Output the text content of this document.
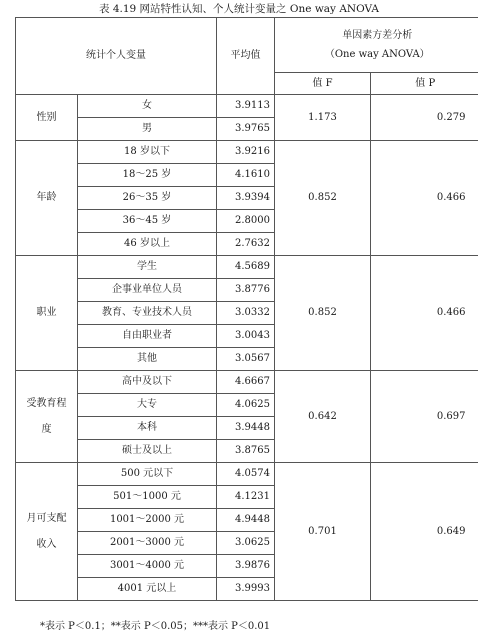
表 4.19 网站特性认知、个人统计变量之 One way ANOVA
统计个人变量		平均值	单因素方差分析
（One way ANOVA）	

			值 F	值 P
性别	女	3.9113	1.173	0.279
	男	3.9765		
年龄	18 岁以下	3.9216	0.852	0.466
	18～25 岁	4.1610		
	26～35 岁	3.9394		
	36～45 岁	2.8000		
	46 岁以上	2.7632		
职业	学生	4.5689	0.852	0.466
	企事业单位人员	3.8776		
	教育、专业技术人员	3.0332		
	自由职业者	3.0043		
	其他	3.0567		

受教育程
度	高中及以下	4.6667	0.642	0.697
	大专	4.0625		
	本科	3.9448		
	硕士及以上	3.8765		

月可支配
收入	500 元以下	4.0574	0.701	0.649
	501～1000 元	4.1231		
	1001～2000 元	4.9448		
	2001～3000 元	3.0625		
	3001～4000 元	3.9876		
	4001 元以上	3.9993		
*表示 P＜0.1；**表示 P＜0.05；***表示 P＜0.01
